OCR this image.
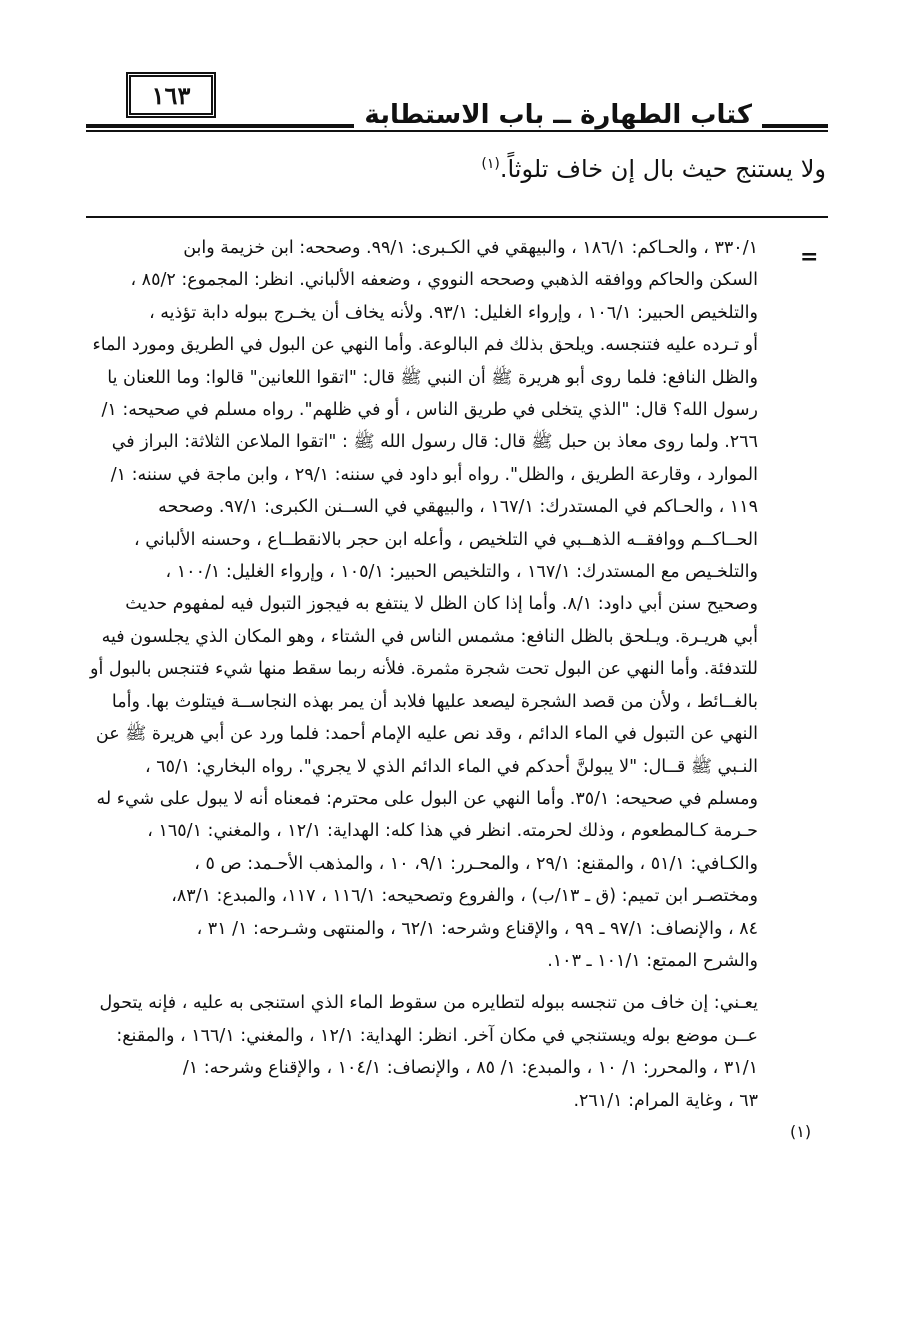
١٦٣
كتاب الطهارة ــ باب الاستطابة
ولا يستنج حيث بال إن خاف تلوثاً.$^{(١)}$
=
٣٣٠/١ ، والحـاكم: ١٨٦/١ ، والبيهقي في الكـبرى: ٩٩/١. وصححه: ابن خزيمة وابن
السكن والحاكم ووافقه الذهبي وصححه النووي ، وضعفه الألباني. انظر: المجموع: ٨٥/٢ ،
والتلخيص الحبير: ١٠٦/١ ، وإرواء الغليل: ٩٣/١. ولأنه يخاف أن يخـرج ببوله دابة تؤذيه ،
أو تـرده عليه فتنجسه. ويلحق بذلك فم البالوعة. وأما النهي عن البول في الطريق ومورد الماء
والظل النافع: فلما روى أبو هريرة ﷺ أن النبي ﷺ قال: "اتقوا اللعانين" قالوا: وما اللعنان يا
رسول الله؟ قال: "الذي يتخلى في طريق الناس ، أو في ظلهم". رواه مسلم في صحيحه: ١/
٢٦٦. ولما روى معاذ بن حبل ﷺ قال: قال رسول الله ﷺ : "اتقوا الملاعن الثلاثة: البراز في
الموارد ، وقارعة الطريق ، والظل". رواه أبو داود في سننه: ٢٩/١ ، وابن ماجة في سننه: ١/
١١٩ ، والحـاكم في المستدرك: ١٦٧/١ ، والبيهقي في الســنن الكبرى: ٩٧/١. وصححه
الحــاكــم ووافقــه الذهــبي في التلخيص ، وأعله ابن حجر بالانقطــاع ، وحسنه الألباني ،
والتلخـيص مع المستدرك: ١٦٧/١ ، والتلخيص الحبير: ١٠٥/١ ، وإرواء الغليل: ١٠٠/١ ،
وصحيح سنن أبي داود: ٨/١. وأما إذا كان الظل لا ينتفع به فيجوز التبول فيه لمفهوم حديث
أبي هريـرة. ويـلحق بالظل النافع: مشمس الناس في الشتاء ، وهو المكان الذي يجلسون فيه
للتدفئة. وأما النهي عن البول تحت شجرة مثمرة. فلأنه ربما سقط منها شيء فتنجس بالبول أو
بالغــائط ، ولأن من قصد الشجرة ليصعد عليها فلابد أن يمر بهذه النجاســة فيتلوث بها. وأما
النهي عن التبول في الماء الدائم ، وقد نص عليه الإمام أحمد: فلما ورد عن أبي هريرة ﷺ عن
النـبي ﷺ قــال: "لا يبولنَّ أحدكم في الماء الدائم الذي لا يجري". رواه البخاري: ٦٥/١ ،
ومسلم في صحيحه: ٣٥/١. وأما النهي عن البول على محترم: فمعناه أنه لا يبول على شيء له
حـرمة كـالمطعوم ، وذلك لحرمته. انظر في هذا كله: الهداية: ١٢/١ ، والمغني: ١٦٥/١ ،
والكـافي: ٥١/١ ، والمقنع: ٢٩/١ ، والمحـرر: ٩/١، ١٠ ، والمذهب الأحـمد: ص ٥ ،
ومختصـر ابن تميم: (ق ـ ١٣/ب) ، والفروع وتصحيحه: ١١٦/١ ، ١١٧، والمبدع: ٨٣/١،
٨٤ ، والإنصاف: ٩٧/١ ـ ٩٩ ، والإقناع وشرحه: ٦٢/١ ، والمنتهى وشـرحه: ١/ ٣١ ،
والشرح الممتع: ١٠١/١ ـ ١٠٣.
يعـني: إن خاف من تنجسه ببوله لتطايره من سقوط الماء الذي استنجى به عليه ، فإنه يتحول
عــن موضع بوله ويستنجي في مكان آخر. انظر: الهداية: ١٢/١ ، والمغني: ١٦٦/١ ، والمقنع:
٣١/١ ، والمحرر: ١/ ١٠ ، والمبدع: ١/ ٨٥ ، والإنصاف: ١٠٤/١ ، والإقناع وشرحه: ١/
٦٣ ، وغاية المرام: ٢٦١/١.
(١)
